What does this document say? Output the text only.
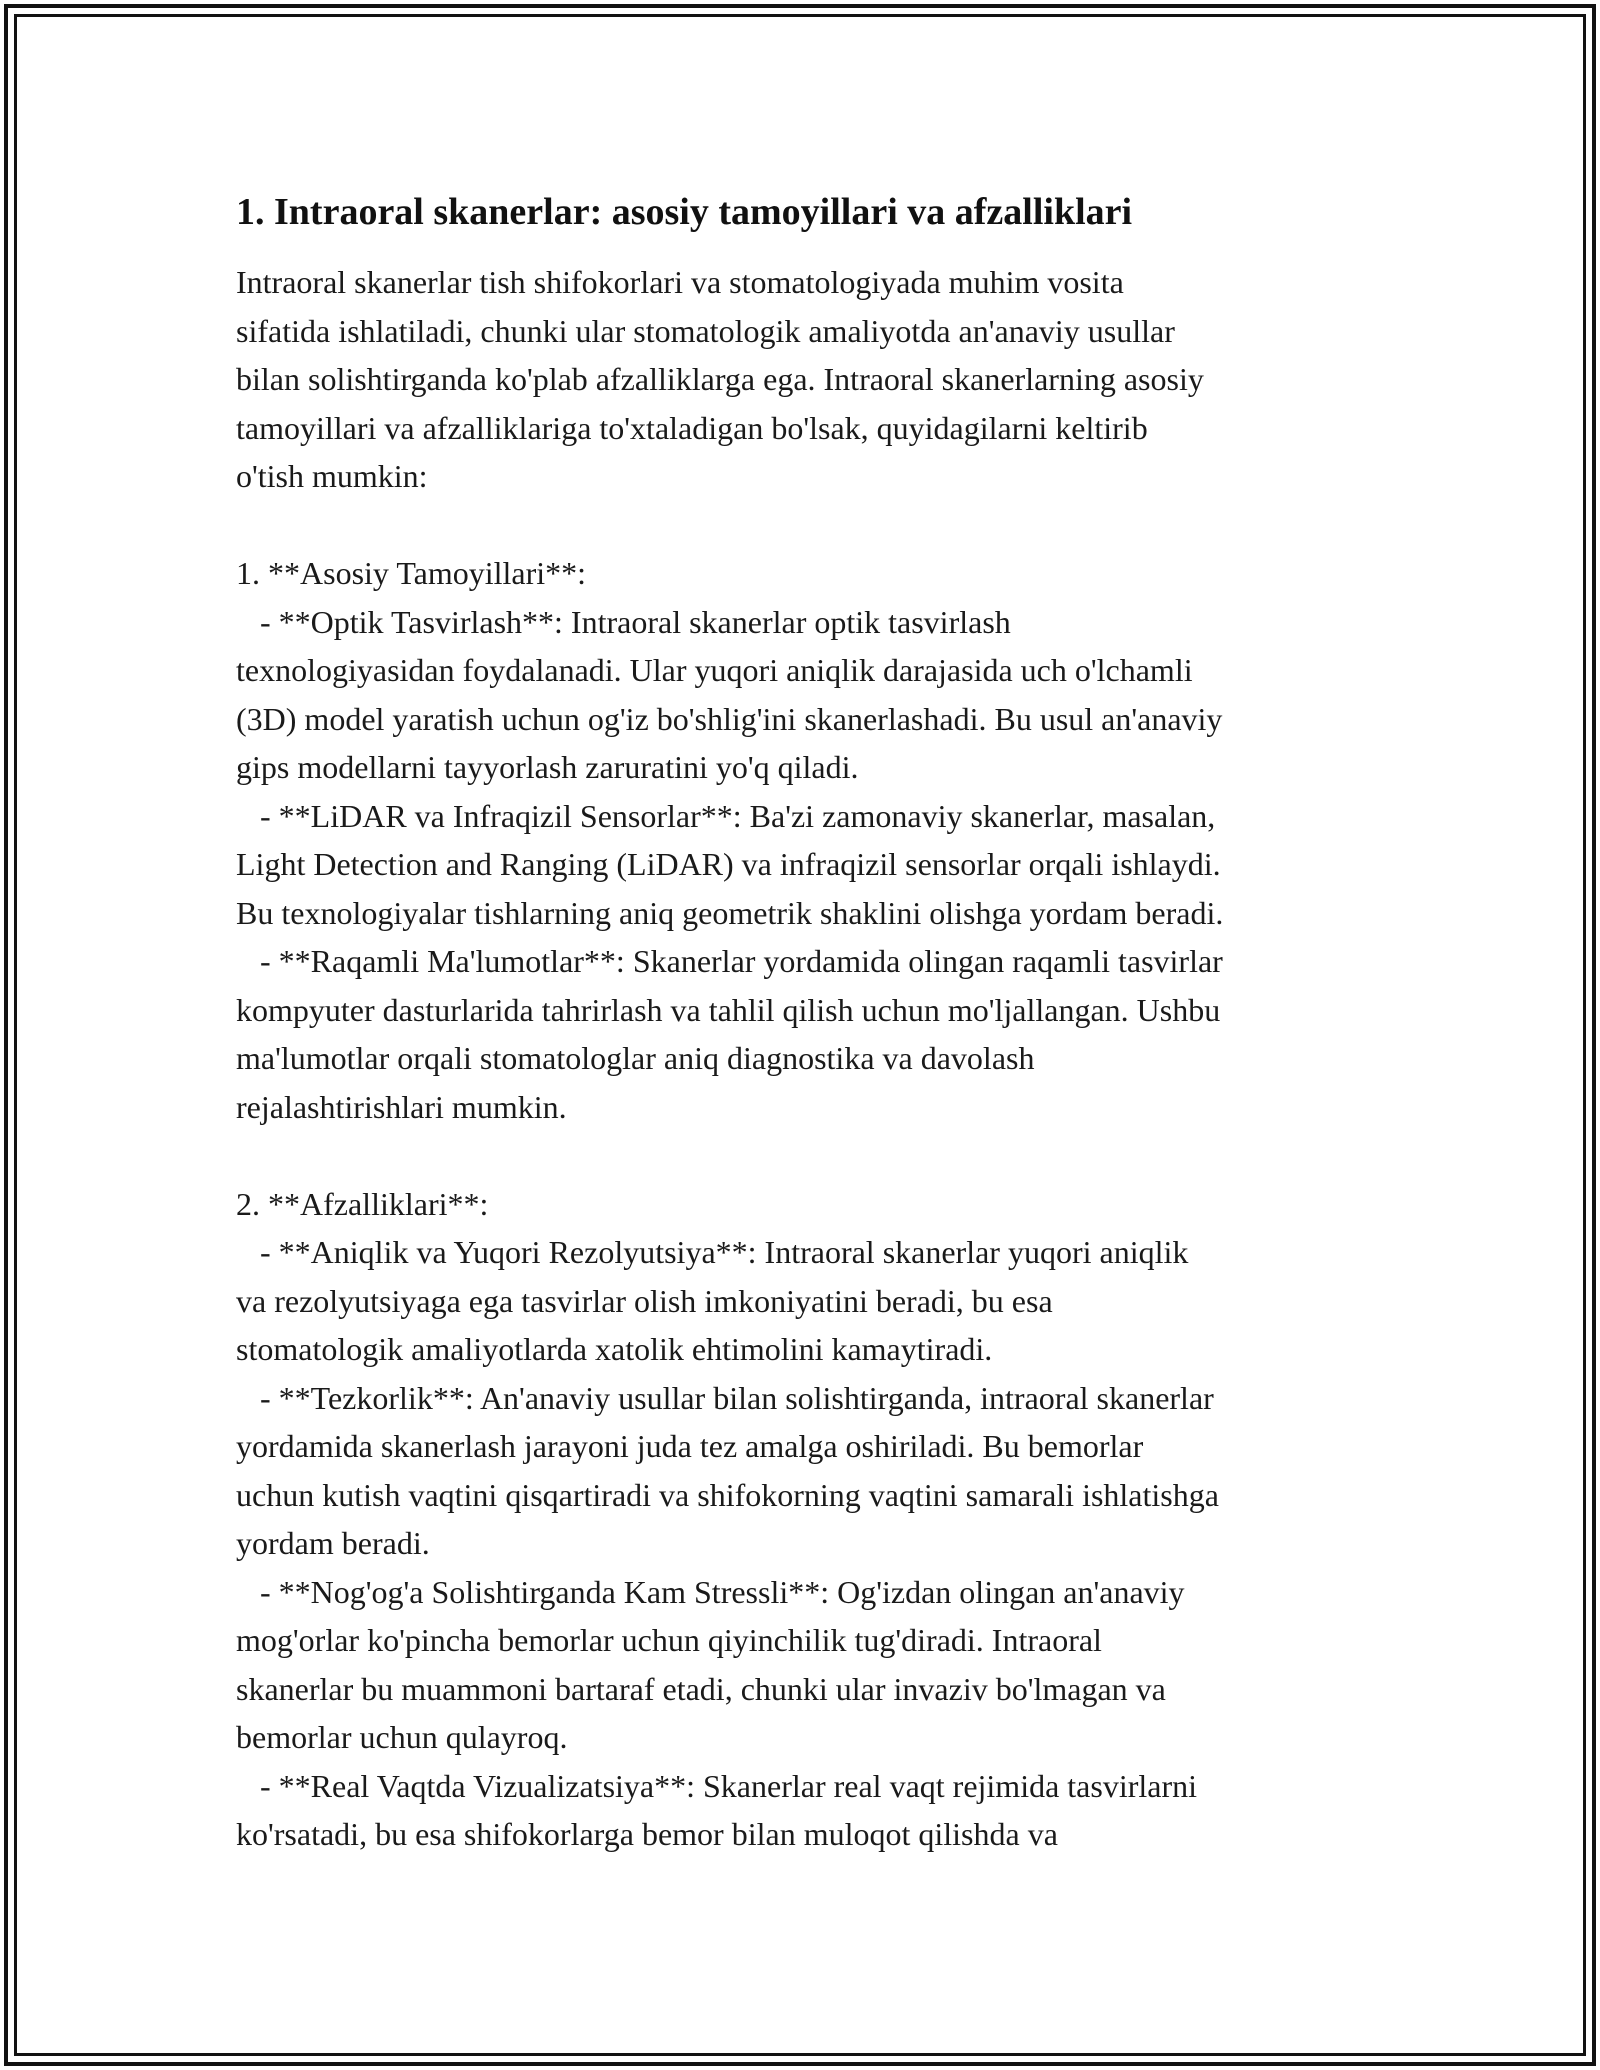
1. Intraoral skanerlar: asosiy tamoyillari va afzalliklari

Intraoral skanerlar tish shifokorlari va stomatologiyada muhim vosita
sifatida ishlatiladi, chunki ular stomatologik amaliyotda an'anaviy usullar
bilan solishtirganda ko'plab afzalliklarga ega. Intraoral skanerlarning asosiy
tamoyillari va afzalliklariga to'xtaladigan bo'lsak, quyidagilarni keltirib
o'tish mumkin:

1. **Asosiy Tamoyillari**:
- **Optik Tasvirlash**: Intraoral skanerlar optik tasvirlash
texnologiyasidan foydalanadi. Ular yuqori aniqlik darajasida uch o'lchamli
(3D) model yaratish uchun og'iz bo'shlig'ini skanerlashadi. Bu usul an'anaviy
gips modellarni tayyorlash zaruratini yo'q qiladi.
- **LiDAR va Infraqizil Sensorlar**: Ba'zi zamonaviy skanerlar, masalan,
Light Detection and Ranging (LiDAR) va infraqizil sensorlar orqali ishlaydi.
Bu texnologiyalar tishlarning aniq geometrik shaklini olishga yordam beradi.
- **Raqamli Ma'lumotlar**: Skanerlar yordamida olingan raqamli tasvirlar
kompyuter dasturlarida tahrirlash va tahlil qilish uchun mo'ljallangan. Ushbu
ma'lumotlar orqali stomatologlar aniq diagnostika va davolash
rejalashtirishlari mumkin.

2. **Afzalliklari**:
- **Aniqlik va Yuqori Rezolyutsiya**: Intraoral skanerlar yuqori aniqlik
va rezolyutsiyaga ega tasvirlar olish imkoniyatini beradi, bu esa
stomatologik amaliyotlarda xatolik ehtimolini kamaytiradi.
- **Tezkorlik**: An'anaviy usullar bilan solishtirganda, intraoral skanerlar
yordamida skanerlash jarayoni juda tez amalga oshiriladi. Bu bemorlar
uchun kutish vaqtini qisqartiradi va shifokorning vaqtini samarali ishlatishga
yordam beradi.
- **Nog'og'a Solishtirganda Kam Stressli**: Og'izdan olingan an'anaviy
mog'orlar ko'pincha bemorlar uchun qiyinchilik tug'diradi. Intraoral
skanerlar bu muammoni bartaraf etadi, chunki ular invaziv bo'lmagan va
bemorlar uchun qulayroq.
- **Real Vaqtda Vizualizatsiya**: Skanerlar real vaqt rejimida tasvirlarni
ko'rsatadi, bu esa shifokorlarga bemor bilan muloqot qilishda va
